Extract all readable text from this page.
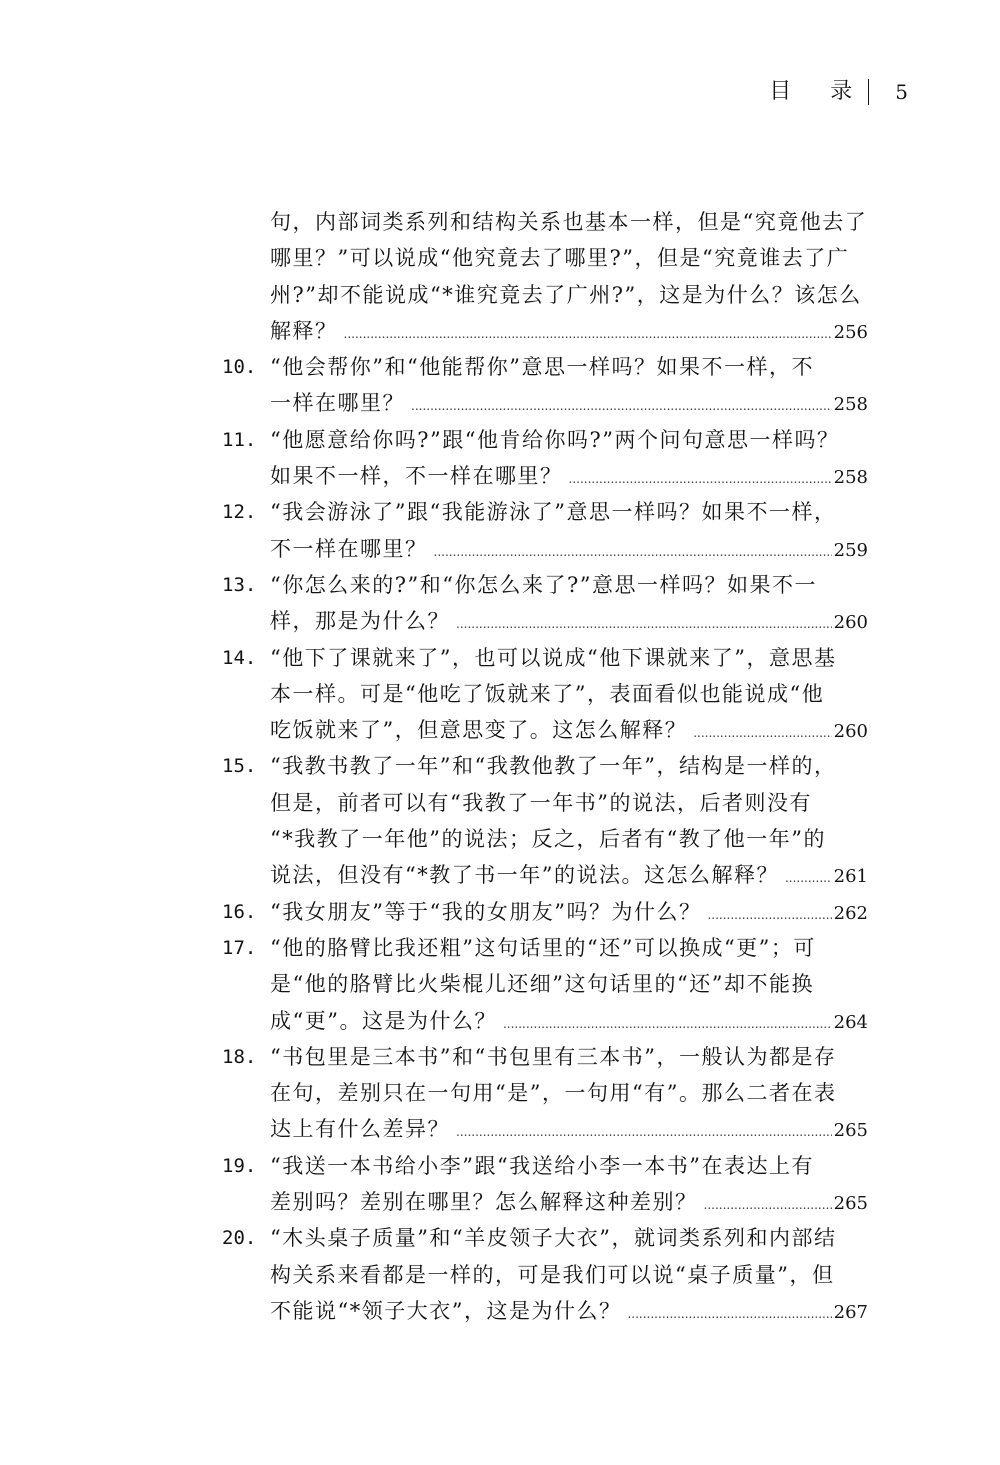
目 录 5
句，内部词类系列和结构关系也基本一样，但是“究竟他去了
哪里？”可以说成“他究竟去了哪里?”，但是“究竟谁去了广
州?”却不能说成“*谁究竟去了广州?”，这是为什么？该怎么
解释？ .....	256
10. “他会帮你”和“他能帮你”意思一样吗？如果不一样，不
一样在哪里？ .....	258
11. “他愿意给你吗?”跟“他肯给你吗?”两个问句意思一样吗？
如果不一样，不一样在哪里？ .....	258
12. “我会游泳了”跟“我能游泳了”意思一样吗？如果不一样，
不一样在哪里？ .....	259
13. “你怎么来的?”和“你怎么来了?”意思一样吗？如果不一
样，那是为什么？ .....	260
14. “他下了课就来了”，也可以说成“他下课就来了”，意思基
本一样。可是“他吃了饭就来了”，表面看似也能说成“他
吃饭就来了”，但意思变了。这怎么解释？ .....	260
15. “我教书教了一年”和“我教他教了一年”，结构是一样的，
但是，前者可以有“我教了一年书”的说法，后者则没有
“*我教了一年他”的说法；反之，后者有“教了他一年”的
说法，但没有“*教了书一年”的说法。这怎么解释？ .....	261
16. “我女朋友”等于“我的女朋友”吗？为什么？ .....	262
17. “他的胳臂比我还粗”这句话里的“还”可以换成“更”；可
是“他的胳臂比火柴棍儿还细”这句话里的“还”却不能换
成“更”。这是为什么？ .....	264
18. “书包里是三本书”和“书包里有三本书”，一般认为都是存
在句，差别只在一句用“是”，一句用“有”。那么二者在表
达上有什么差异？ .....	265
19. “我送一本书给小李”跟“我送给小李一本书”在表达上有
差别吗？差别在哪里？怎么解释这种差别？ .....	265
20. “木头桌子质量”和“羊皮领子大衣”，就词类系列和内部结
构关系来看都是一样的，可是我们可以说“桌子质量”，但
不能说“*领子大衣”，这是为什么？ .....	267
